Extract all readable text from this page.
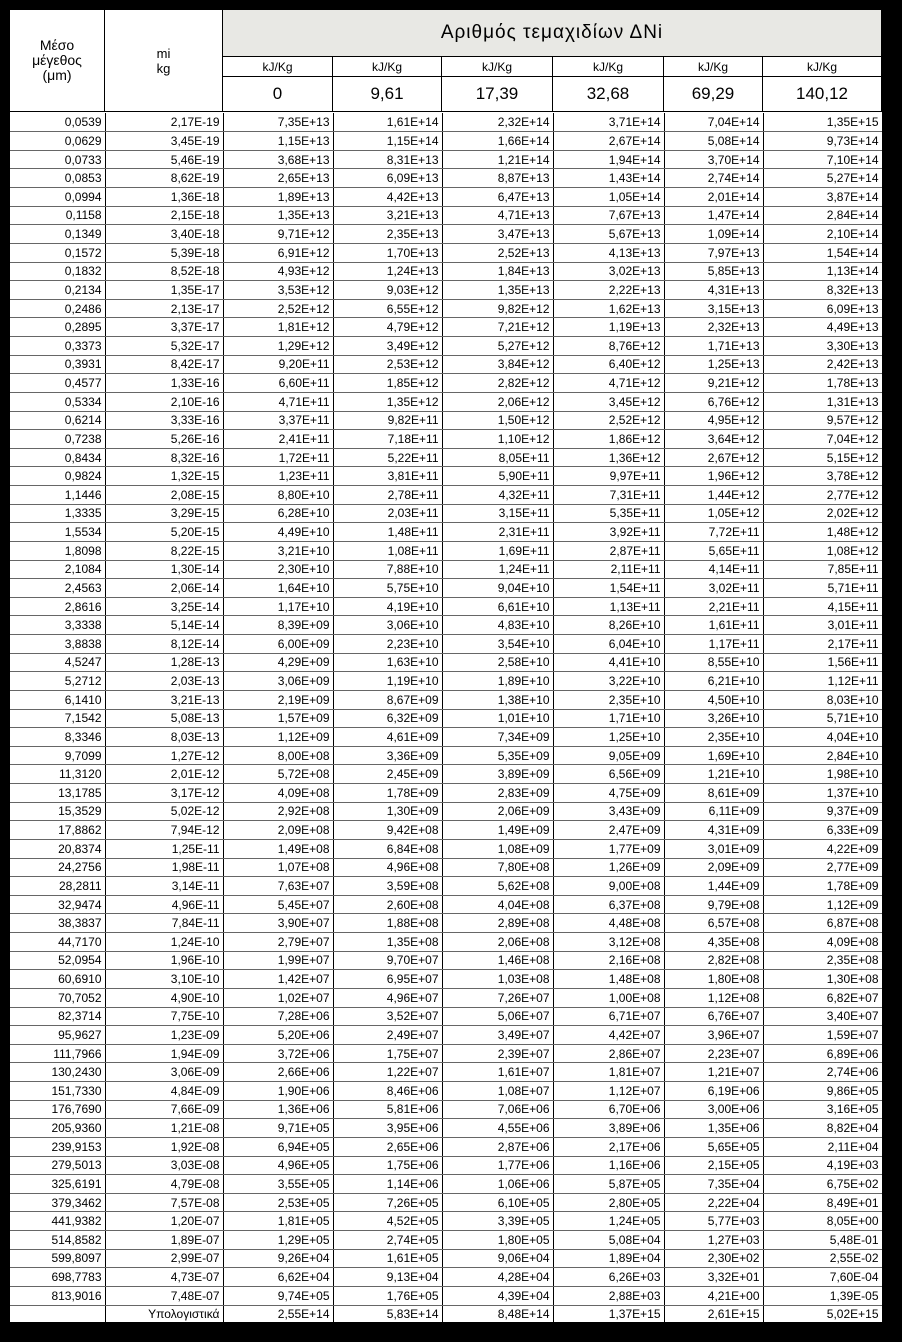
Μέσο
μέγεθος
(μm)
mi
kg
Αριθμός τεμαχιδίων ΔΝi
kJ/Kg	kJ/Kg	kJ/Kg	kJ/Kg	kJ/Kg	kJ/Kg
0	9,61	17,39	32,68	69,29	140,12
0,0539	2,17E-19	7,35E+13	1,61E+14	2,32E+14	3,71E+14	7,04E+14	1,35E+15
0,0629	3,45E-19	1,15E+13	1,15E+14	1,66E+14	2,67E+14	5,08E+14	9,73E+14
0,0733	5,46E-19	3,68E+13	8,31E+13	1,21E+14	1,94E+14	3,70E+14	7,10E+14
0,0853	8,62E-19	2,65E+13	6,09E+13	8,87E+13	1,43E+14	2,74E+14	5,27E+14
0,0994	1,36E-18	1,89E+13	4,42E+13	6,47E+13	1,05E+14	2,01E+14	3,87E+14
0,1158	2,15E-18	1,35E+13	3,21E+13	4,71E+13	7,67E+13	1,47E+14	2,84E+14
0,1349	3,40E-18	9,71E+12	2,35E+13	3,47E+13	5,67E+13	1,09E+14	2,10E+14
0,1572	5,39E-18	6,91E+12	1,70E+13	2,52E+13	4,13E+13	7,97E+13	1,54E+14
0,1832	8,52E-18	4,93E+12	1,24E+13	1,84E+13	3,02E+13	5,85E+13	1,13E+14
0,2134	1,35E-17	3,53E+12	9,03E+12	1,35E+13	2,22E+13	4,31E+13	8,32E+13
0,2486	2,13E-17	2,52E+12	6,55E+12	9,82E+12	1,62E+13	3,15E+13	6,09E+13
0,2895	3,37E-17	1,81E+12	4,79E+12	7,21E+12	1,19E+13	2,32E+13	4,49E+13
0,3373	5,32E-17	1,29E+12	3,49E+12	5,27E+12	8,76E+12	1,71E+13	3,30E+13
0,3931	8,42E-17	9,20E+11	2,53E+12	3,84E+12	6,40E+12	1,25E+13	2,42E+13
0,4577	1,33E-16	6,60E+11	1,85E+12	2,82E+12	4,71E+12	9,21E+12	1,78E+13
0,5334	2,10E-16	4,71E+11	1,35E+12	2,06E+12	3,45E+12	6,76E+12	1,31E+13
0,6214	3,33E-16	3,37E+11	9,82E+11	1,50E+12	2,52E+12	4,95E+12	9,57E+12
0,7238	5,26E-16	2,41E+11	7,18E+11	1,10E+12	1,86E+12	3,64E+12	7,04E+12
0,8434	8,32E-16	1,72E+11	5,22E+11	8,05E+11	1,36E+12	2,67E+12	5,15E+12
0,9824	1,32E-15	1,23E+11	3,81E+11	5,90E+11	9,97E+11	1,96E+12	3,78E+12
1,1446	2,08E-15	8,80E+10	2,78E+11	4,32E+11	7,31E+11	1,44E+12	2,77E+12
1,3335	3,29E-15	6,28E+10	2,03E+11	3,15E+11	5,35E+11	1,05E+12	2,02E+12
1,5534	5,20E-15	4,49E+10	1,48E+11	2,31E+11	3,92E+11	7,72E+11	1,48E+12
1,8098	8,22E-15	3,21E+10	1,08E+11	1,69E+11	2,87E+11	5,65E+11	1,08E+12
2,1084	1,30E-14	2,30E+10	7,88E+10	1,24E+11	2,11E+11	4,14E+11	7,85E+11
2,4563	2,06E-14	1,64E+10	5,75E+10	9,04E+10	1,54E+11	3,02E+11	5,71E+11
2,8616	3,25E-14	1,17E+10	4,19E+10	6,61E+10	1,13E+11	2,21E+11	4,15E+11
3,3338	5,14E-14	8,39E+09	3,06E+10	4,83E+10	8,26E+10	1,61E+11	3,01E+11
3,8838	8,12E-14	6,00E+09	2,23E+10	3,54E+10	6,04E+10	1,17E+11	2,17E+11
4,5247	1,28E-13	4,29E+09	1,63E+10	2,58E+10	4,41E+10	8,55E+10	1,56E+11
5,2712	2,03E-13	3,06E+09	1,19E+10	1,89E+10	3,22E+10	6,21E+10	1,12E+11
6,1410	3,21E-13	2,19E+09	8,67E+09	1,38E+10	2,35E+10	4,50E+10	8,03E+10
7,1542	5,08E-13	1,57E+09	6,32E+09	1,01E+10	1,71E+10	3,26E+10	5,71E+10
8,3346	8,03E-13	1,12E+09	4,61E+09	7,34E+09	1,25E+10	2,35E+10	4,04E+10
9,7099	1,27E-12	8,00E+08	3,36E+09	5,35E+09	9,05E+09	1,69E+10	2,84E+10
11,3120	2,01E-12	5,72E+08	2,45E+09	3,89E+09	6,56E+09	1,21E+10	1,98E+10
13,1785	3,17E-12	4,09E+08	1,78E+09	2,83E+09	4,75E+09	8,61E+09	1,37E+10
15,3529	5,02E-12	2,92E+08	1,30E+09	2,06E+09	3,43E+09	6,11E+09	9,37E+09
17,8862	7,94E-12	2,09E+08	9,42E+08	1,49E+09	2,47E+09	4,31E+09	6,33E+09
20,8374	1,25E-11	1,49E+08	6,84E+08	1,08E+09	1,77E+09	3,01E+09	4,22E+09
24,2756	1,98E-11	1,07E+08	4,96E+08	7,80E+08	1,26E+09	2,09E+09	2,77E+09
28,2811	3,14E-11	7,63E+07	3,59E+08	5,62E+08	9,00E+08	1,44E+09	1,78E+09
32,9474	4,96E-11	5,45E+07	2,60E+08	4,04E+08	6,37E+08	9,79E+08	1,12E+09
38,3837	7,84E-11	3,90E+07	1,88E+08	2,89E+08	4,48E+08	6,57E+08	6,87E+08
44,7170	1,24E-10	2,79E+07	1,35E+08	2,06E+08	3,12E+08	4,35E+08	4,09E+08
52,0954	1,96E-10	1,99E+07	9,70E+07	1,46E+08	2,16E+08	2,82E+08	2,35E+08
60,6910	3,10E-10	1,42E+07	6,95E+07	1,03E+08	1,48E+08	1,80E+08	1,30E+08
70,7052	4,90E-10	1,02E+07	4,96E+07	7,26E+07	1,00E+08	1,12E+08	6,82E+07
82,3714	7,75E-10	7,28E+06	3,52E+07	5,06E+07	6,71E+07	6,76E+07	3,40E+07
95,9627	1,23E-09	5,20E+06	2,49E+07	3,49E+07	4,42E+07	3,96E+07	1,59E+07
111,7966	1,94E-09	3,72E+06	1,75E+07	2,39E+07	2,86E+07	2,23E+07	6,89E+06
130,2430	3,06E-09	2,66E+06	1,22E+07	1,61E+07	1,81E+07	1,21E+07	2,74E+06
151,7330	4,84E-09	1,90E+06	8,46E+06	1,08E+07	1,12E+07	6,19E+06	9,86E+05
176,7690	7,66E-09	1,36E+06	5,81E+06	7,06E+06	6,70E+06	3,00E+06	3,16E+05
205,9360	1,21E-08	9,71E+05	3,95E+06	4,55E+06	3,89E+06	1,35E+06	8,82E+04
239,9153	1,92E-08	6,94E+05	2,65E+06	2,87E+06	2,17E+06	5,65E+05	2,11E+04
279,5013	3,03E-08	4,96E+05	1,75E+06	1,77E+06	1,16E+06	2,15E+05	4,19E+03
325,6191	4,79E-08	3,55E+05	1,14E+06	1,06E+06	5,87E+05	7,35E+04	6,75E+02
379,3462	7,57E-08	2,53E+05	7,26E+05	6,10E+05	2,80E+05	2,22E+04	8,49E+01
441,9382	1,20E-07	1,81E+05	4,52E+05	3,39E+05	1,24E+05	5,77E+03	8,05E+00
514,8582	1,89E-07	1,29E+05	2,74E+05	1,80E+05	5,08E+04	1,27E+03	5,48E-01
599,8097	2,99E-07	9,26E+04	1,61E+05	9,06E+04	1,89E+04	2,30E+02	2,55E-02
698,7783	4,73E-07	6,62E+04	9,13E+04	4,28E+04	6,26E+03	3,32E+01	7,60E-04
813,9016	7,48E-07	9,74E+05	1,76E+05	4,39E+04	2,88E+03	4,21E+00	1,39E-05
	Υπολογιστικά	2,55E+14	5,83E+14	8,48E+14	1,37E+15	2,61E+15	5,02E+15
